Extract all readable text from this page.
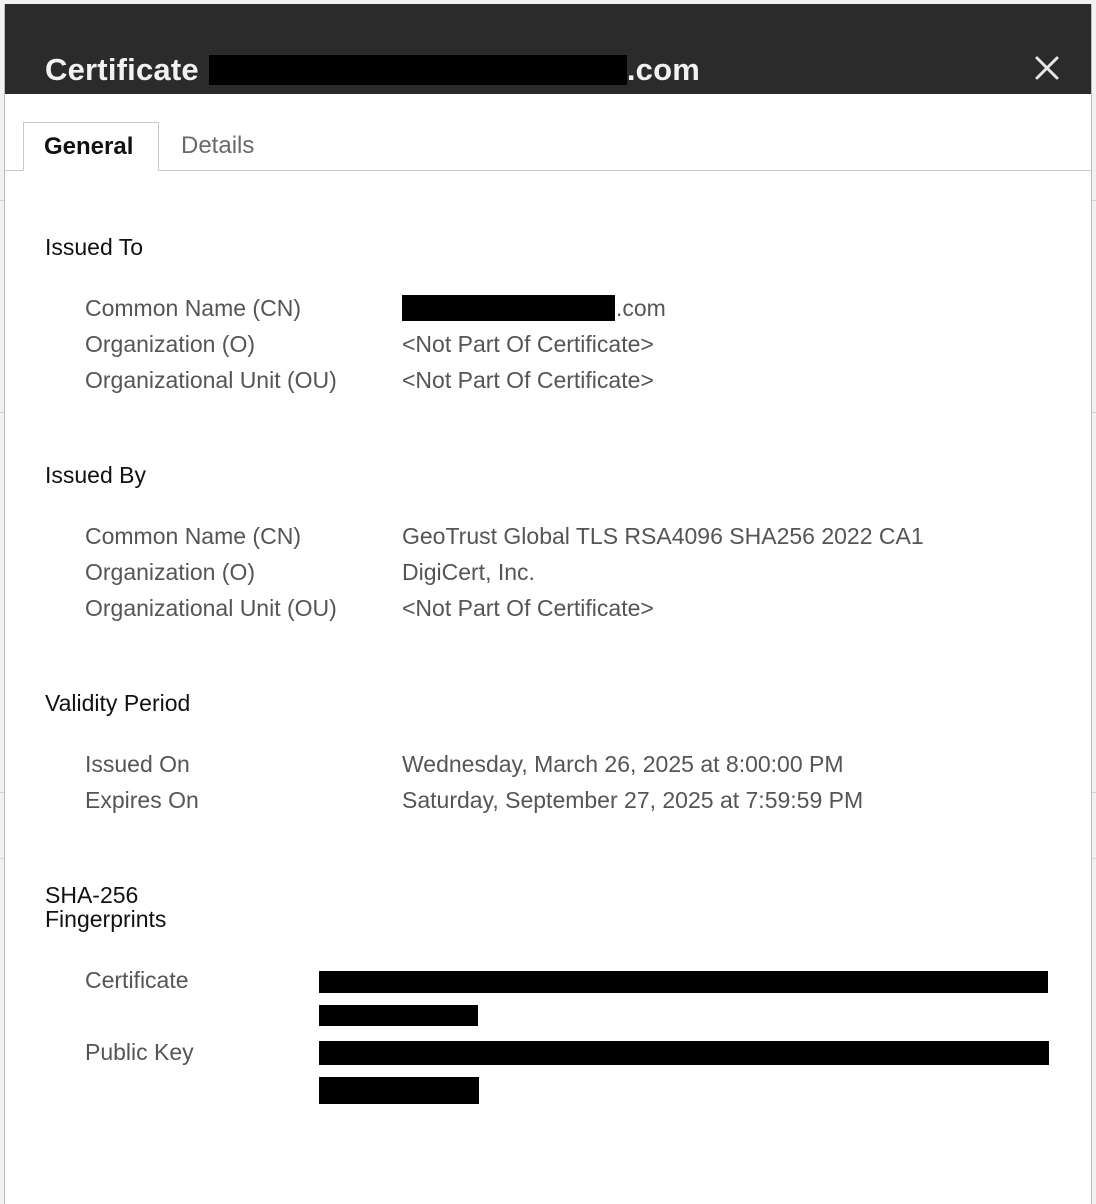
Certificate	.com
General	Details
Issued To
Common Name (CN)	.com
Organization (O)	<Not Part Of Certificate>
Organizational Unit (OU)	<Not Part Of Certificate>
Issued By
Common Name (CN)	GeoTrust Global TLS RSA4096 SHA256 2022 CA1
Organization (O)	DigiCert, Inc.
Organizational Unit (OU)	<Not Part Of Certificate>
Validity Period
Issued On	Wednesday, March 26, 2025 at 8:00:00 PM
Expires On	Saturday, September 27, 2025 at 7:59:59 PM
SHA-256
Fingerprints
Certificate
Public Key
